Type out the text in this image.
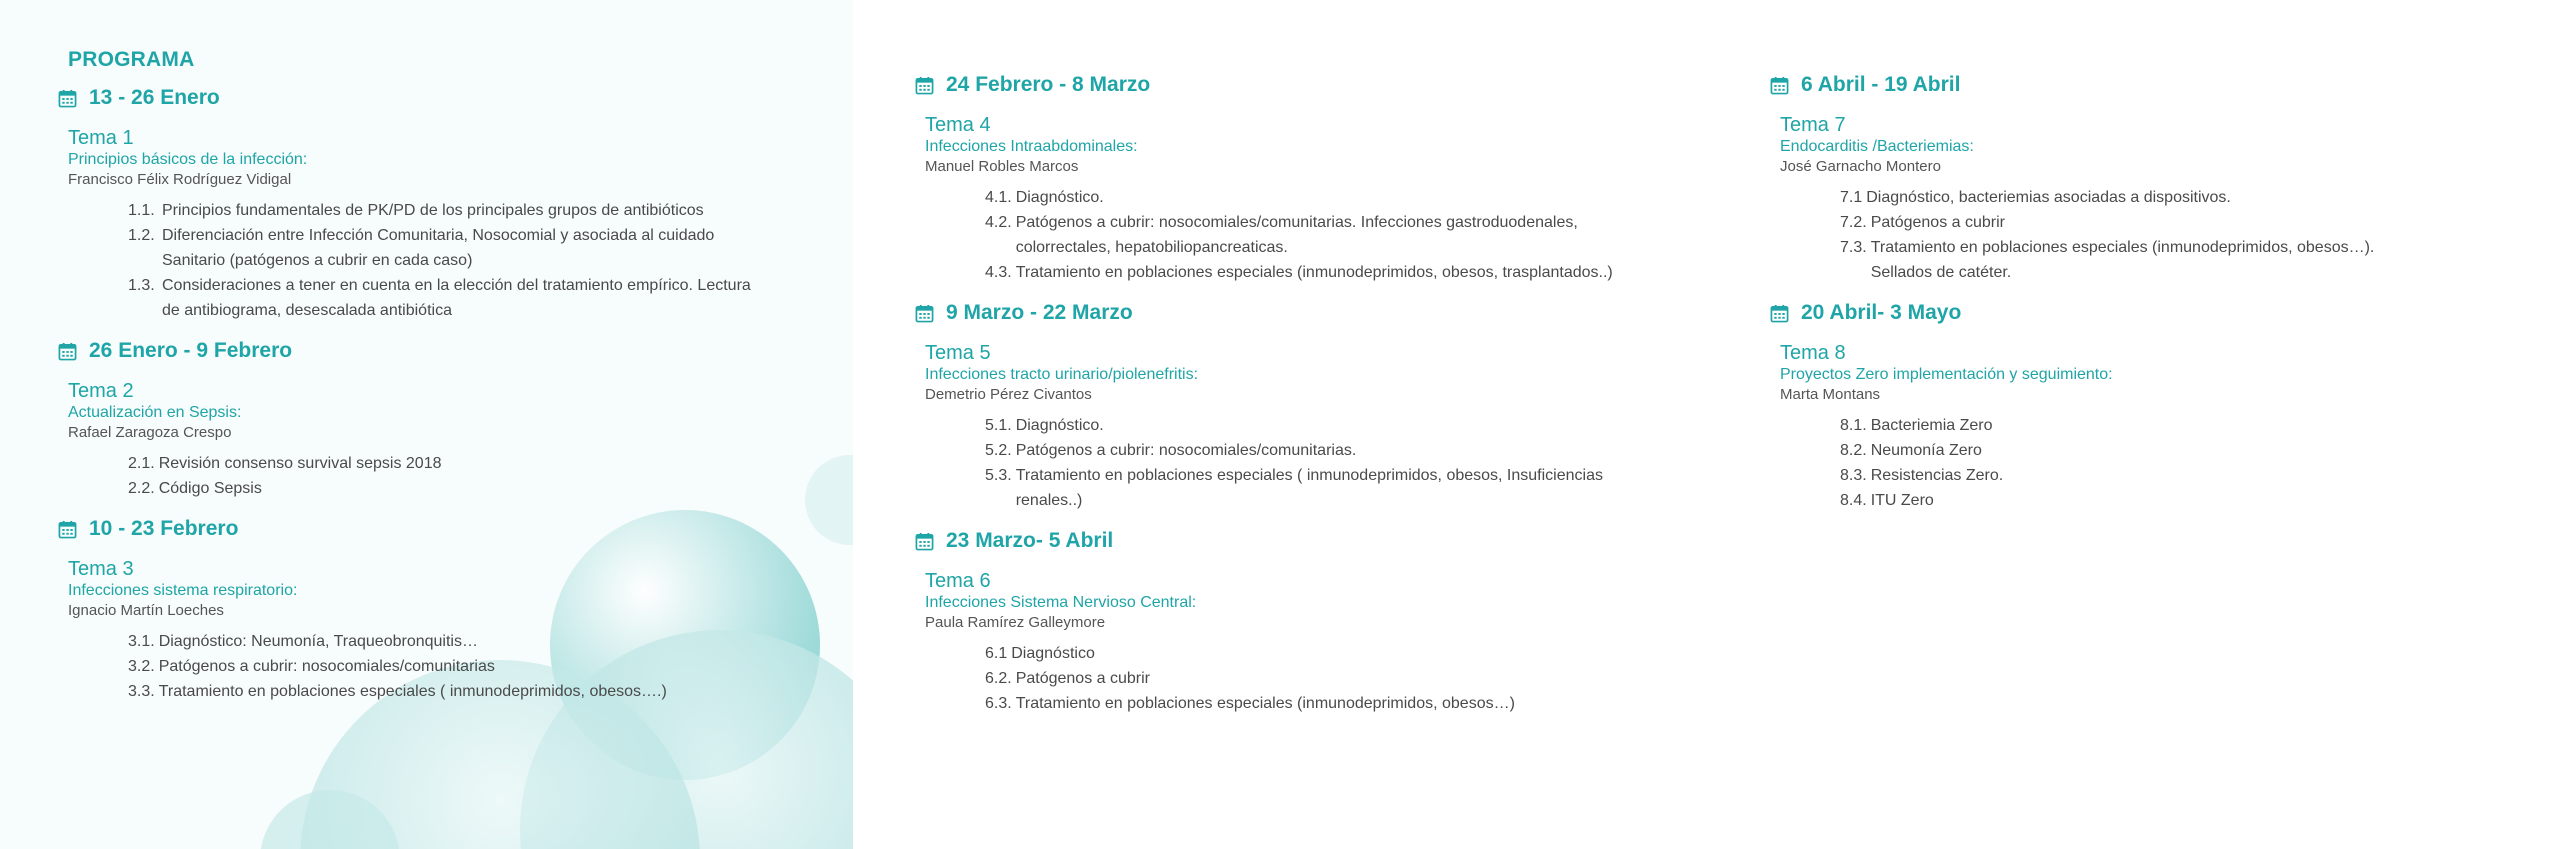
PROGRAMA
13 - 26 Enero
Tema 1
Principios básicos de la infección:
Francisco Félix Rodríguez Vidigal
1.1. Principios fundamentales de PK/PD de los principales grupos de antibióticos
1.2. Diferenciación entre Infección Comunitaria, Nosocomial y asociada al cuidado Sanitario (patógenos a cubrir en cada caso)
1.3. Consideraciones a tener en cuenta en la elección del tratamiento empírico. Lectura de antibiograma, desescalada antibiótica
26 Enero - 9 Febrero
Tema 2
Actualización en Sepsis:
Rafael Zaragoza Crespo
2.1. Revisión consenso survival sepsis 2018
2.2. Código Sepsis
10 - 23 Febrero
Tema 3
Infecciones sistema respiratorio:
Ignacio Martín Loeches
3.1. Diagnóstico: Neumonía, Traqueobronquitis…
3.2. Patógenos a cubrir: nosocomiales/comunitarias
3.3. Tratamiento en poblaciones especiales ( inmunodeprimidos, obesos….)
24 Febrero - 8 Marzo
Tema 4
Infecciones Intraabdominales:
Manuel Robles Marcos
4.1. Diagnóstico.
4.2. Patógenos a cubrir: nosocomiales/comunitarias. Infecciones gastroduodenales, colorrectales, hepatobiliopancreaticas.
4.3. Tratamiento en poblaciones especiales (inmunodeprimidos, obesos, trasplantados..)
9 Marzo - 22 Marzo
Tema 5
Infecciones tracto urinario/piolenefritis:
Demetrio Pérez Civantos
5.1. Diagnóstico.
5.2. Patógenos a cubrir: nosocomiales/comunitarias.
5.3. Tratamiento en poblaciones especiales ( inmunodeprimidos, obesos, Insuficiencias renales..)
23 Marzo- 5 Abril
Tema 6
Infecciones Sistema Nervioso Central:
Paula Ramírez Galleymore
6.1 Diagnóstico
6.2. Patógenos a cubrir
6.3. Tratamiento en poblaciones especiales (inmunodeprimidos, obesos…)
6 Abril - 19 Abril
Tema 7
Endocarditis /Bacteriemias:
José Garnacho Montero
7.1 Diagnóstico, bacteriemias asociadas a dispositivos.
7.2. Patógenos a cubrir
7.3. Tratamiento en poblaciones especiales (inmunodeprimidos, obesos…). Sellados de catéter.
20 Abril- 3 Mayo
Tema 8
Proyectos Zero implementación y seguimiento:
Marta Montans
8.1. Bacteriemia Zero
8.2. Neumonía Zero
8.3. Resistencias Zero.
8.4. ITU Zero
